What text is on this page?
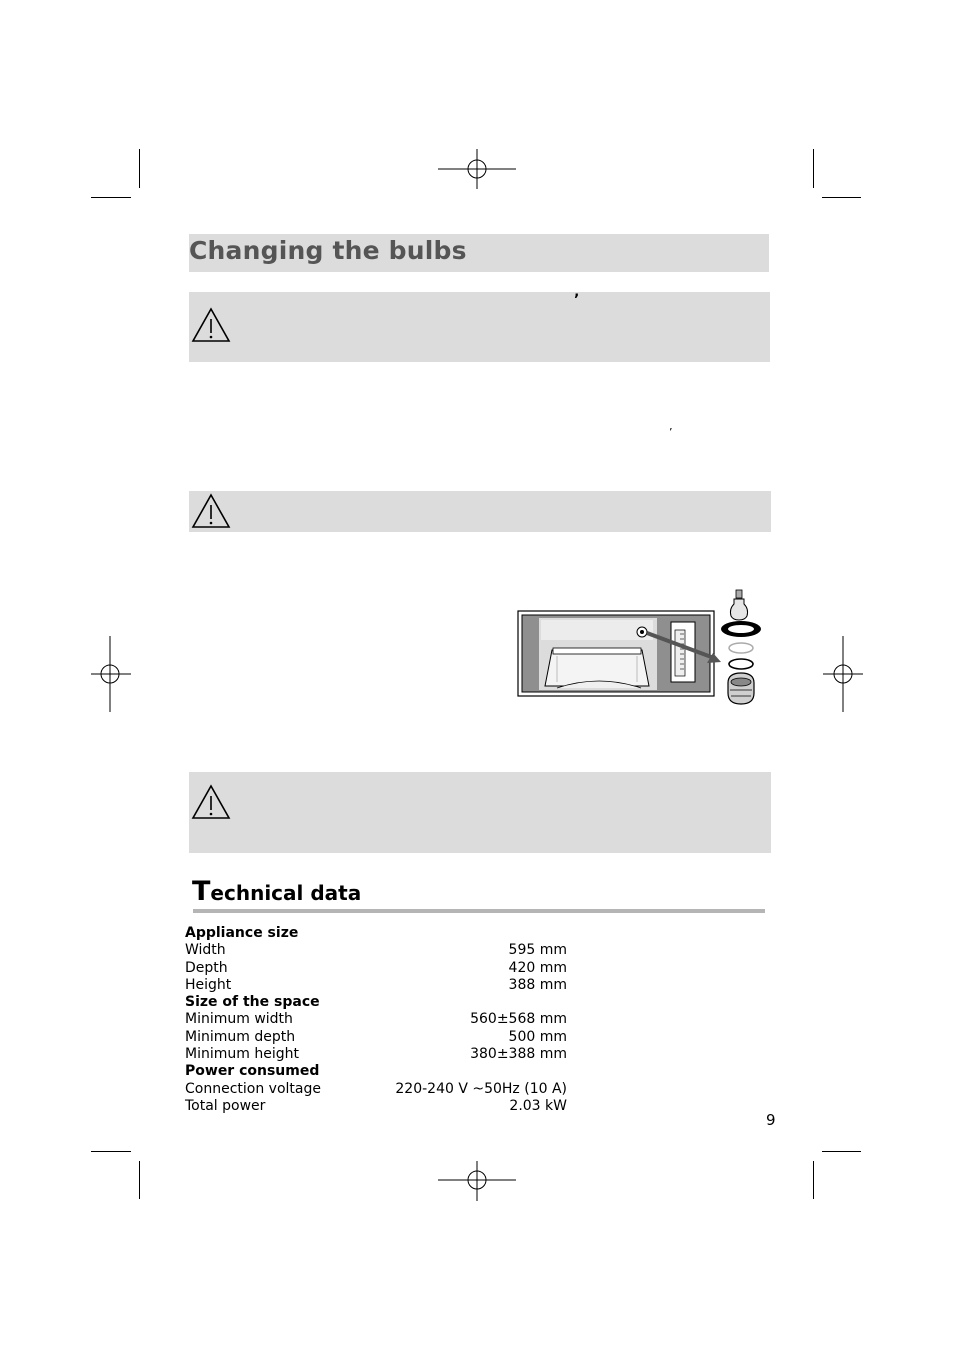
Changing the bulbs
’
’
Technical data
Appliance size
Width	595 mm
Depth	420 mm
Height	388 mm
Size of the space
Minimum width	560±568 mm
Minimum depth	500 mm
Minimum height	380±388 mm
Power consumed
Connection voltage	220-240 V ~50Hz (10 A)
Total power	2.03 kW
9
